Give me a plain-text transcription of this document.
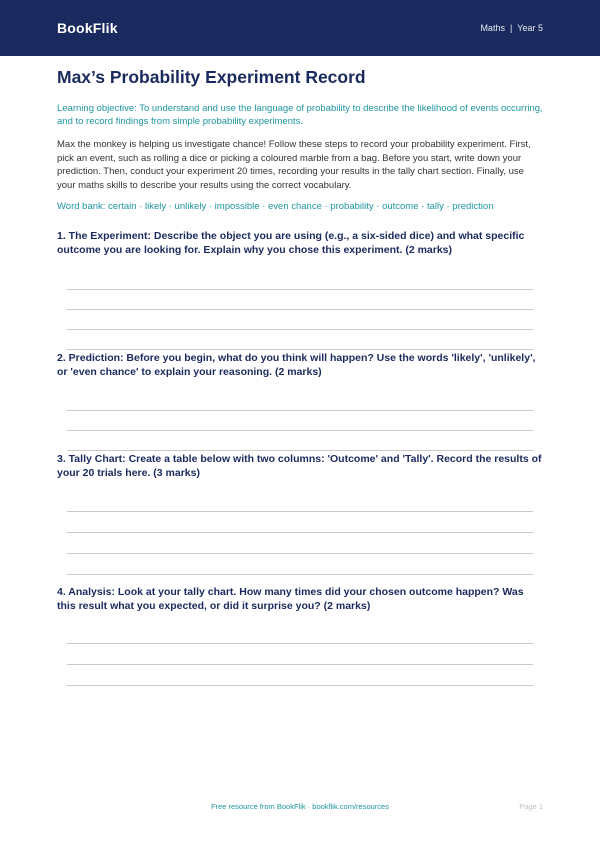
BookFlik	Maths | Year 5
Max’s Probability Experiment Record
Learning objective: To understand and use the language of probability to describe the likelihood of events occurring, and to record findings from simple probability experiments.
Max the monkey is helping us investigate chance! Follow these steps to record your probability experiment. First, pick an event, such as rolling a dice or picking a coloured marble from a bag. Before you start, write down your prediction. Then, conduct your experiment 20 times, recording your results in the tally chart section. Finally, use your maths skills to describe your results using the correct vocabulary.
Word bank: certain · likely · unlikely · impossible · even chance · probability · outcome · tally · prediction
1. The Experiment: Describe the object you are using (e.g., a six-sided dice) and what specific outcome you are looking for. Explain why you chose this experiment. (2 marks)
2. Prediction: Before you begin, what do you think will happen? Use the words 'likely', 'unlikely', or 'even chance' to explain your reasoning. (2 marks)
3. Tally Chart: Create a table below with two columns: 'Outcome' and 'Tally'. Record the results of your 20 trials here. (3 marks)
4. Analysis: Look at your tally chart. How many times did your chosen outcome happen? Was this result what you expected, or did it surprise you? (2 marks)
Free resource from BookFlik · bookflik.com/resources	Page 1
